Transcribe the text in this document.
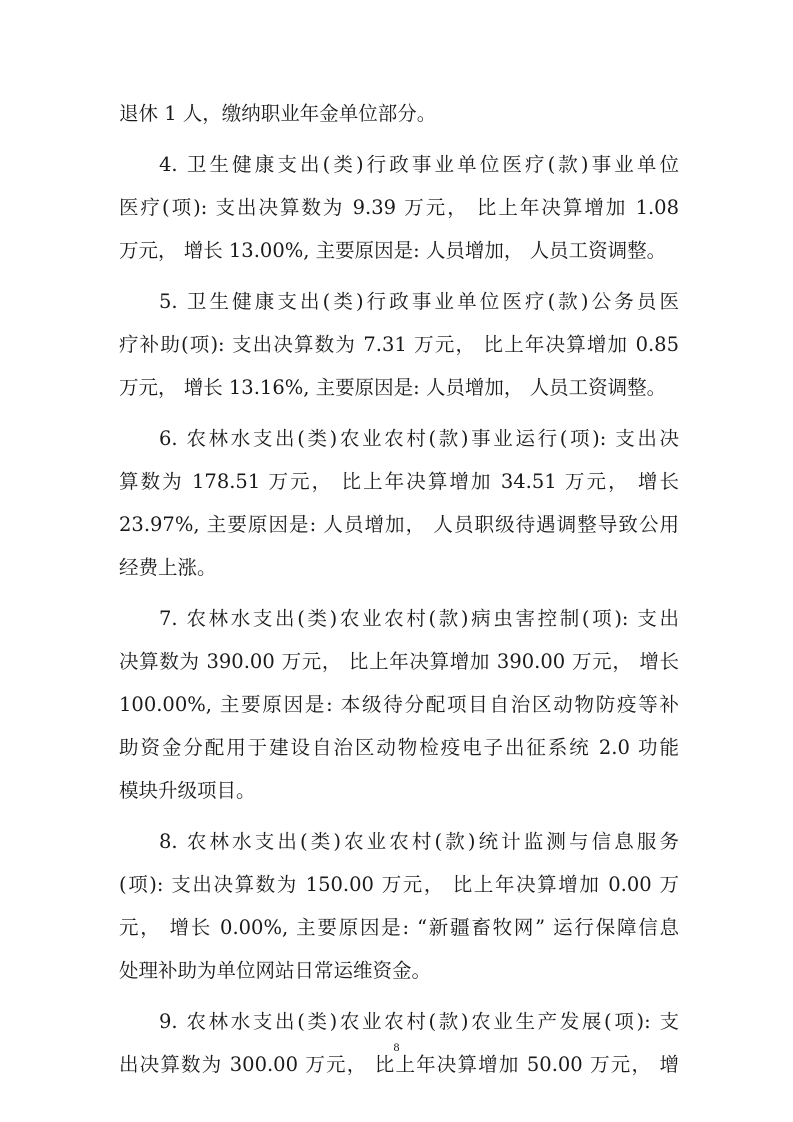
退休 1 人，缴纳职业年金单位部分。
4. 卫生健康支出(类)行政事业单位医疗(款)事业单位
医疗(项): 支出决算数为 9.39 万元， 比上年决算增加 1.08
万元， 增长 13.00%, 主要原因是: 人员增加， 人员工资调整。
5. 卫生健康支出(类)行政事业单位医疗(款)公务员医
疗补助(项): 支出决算数为 7.31 万元， 比上年决算增加 0.85
万元， 增长 13.16%, 主要原因是: 人员增加， 人员工资调整。
6. 农林水支出(类)农业农村(款)事业运行(项): 支出决
算数为 178.51 万元， 比上年决算增加 34.51 万元， 增长
23.97%, 主要原因是: 人员增加， 人员职级待遇调整导致公用
经费上涨。
7. 农林水支出(类)农业农村(款)病虫害控制(项): 支出
决算数为 390.00 万元， 比上年决算增加 390.00 万元， 增长
100.00%, 主要原因是: 本级待分配项目自治区动物防疫等补
助资金分配用于建设自治区动物检疫电子出征系统 2.0 功能
模块升级项目。
8. 农林水支出(类)农业农村(款)统计监测与信息服务
(项): 支出决算数为 150.00 万元， 比上年决算增加 0.00 万
元， 增长 0.00%, 主要原因是: “新疆畜牧网” 运行保障信息
处理补助为单位网站日常运维资金。
9. 农林水支出(类)农业农村(款)农业生产发展(项): 支
出决算数为 300.00 万元， 比上年决算增加 50.00 万元， 增
8
